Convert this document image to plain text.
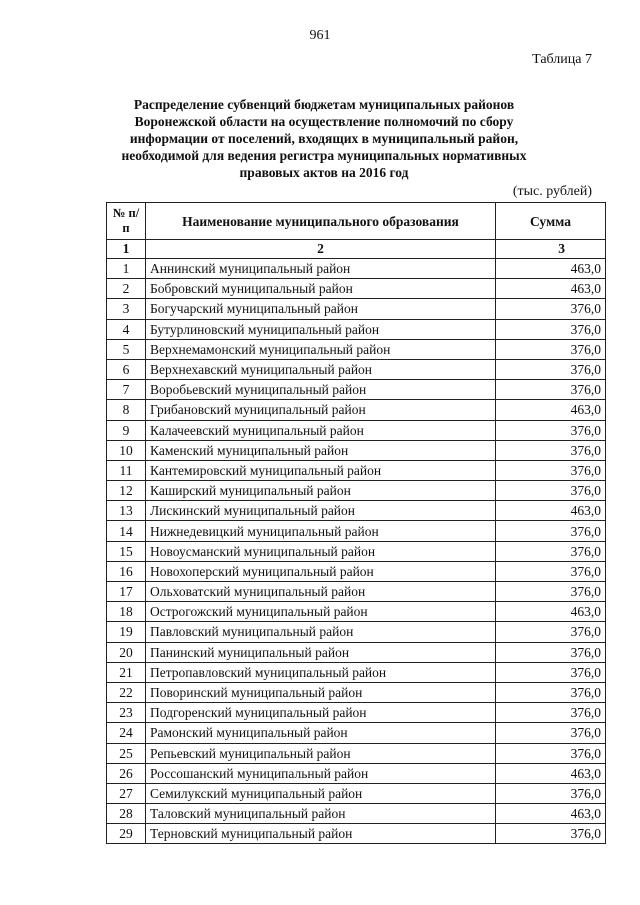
961
Таблица 7
Распределение субвенций бюджетам муниципальных районов
Воронежской области на осуществление полномочий по сбору
информации от поселений, входящих в муниципальный район,
необходимой для ведения регистра муниципальных нормативных
правовых актов на 2016 год
(тыс. рублей)
№ п/п	Наименование муниципального образования	Сумма
1	2	3
1	Аннинский муниципальный район	463,0
2	Бобровский муниципальный район	463,0
3	Богучарский муниципальный район	376,0
4	Бутурлиновский муниципальный район	376,0
5	Верхнемамонский муниципальный район	376,0
6	Верхнехавский муниципальный район	376,0
7	Воробьевский муниципальный район	376,0
8	Грибановский муниципальный район	463,0
9	Калачеевский муниципальный район	376,0
10	Каменский муниципальный район	376,0
11	Кантемировский муниципальный район	376,0
12	Каширский муниципальный район	376,0
13	Лискинский муниципальный район	463,0
14	Нижнедевицкий муниципальный район	376,0
15	Новоусманский муниципальный район	376,0
16	Новохоперский муниципальный район	376,0
17	Ольховатский муниципальный район	376,0
18	Острогожский муниципальный район	463,0
19	Павловский муниципальный район	376,0
20	Панинский муниципальный район	376,0
21	Петропавловский муниципальный район	376,0
22	Поворинский муниципальный район	376,0
23	Подгоренский муниципальный район	376,0
24	Рамонский муниципальный район	376,0
25	Репьевский муниципальный район	376,0
26	Россошанский муниципальный район	463,0
27	Семилукский муниципальный район	376,0
28	Таловский муниципальный район	463,0
29	Терновский муниципальный район	376,0
